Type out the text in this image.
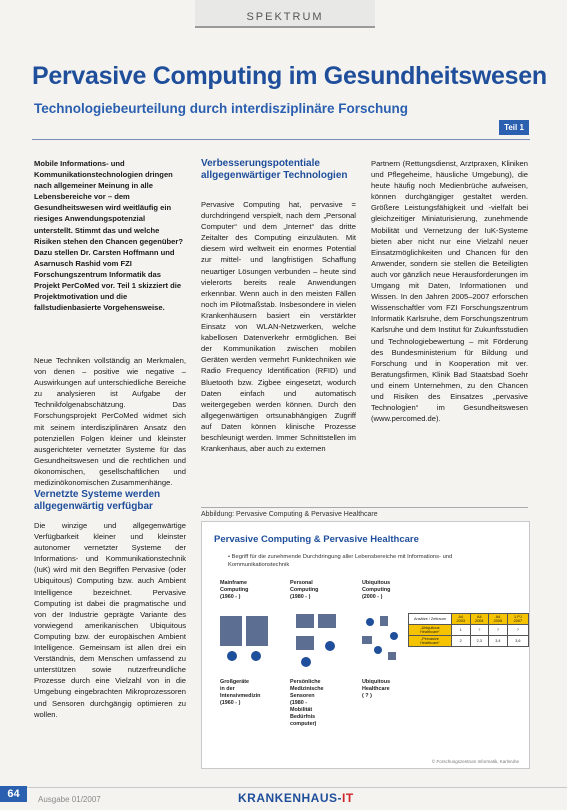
SPEKTRUM
Pervasive Computing im Gesundheitswesen
Technologiebeurteilung durch interdisziplinäre Forschung
Teil 1
Mobile Informations- und Kommunikationstechnologien dringen nach allgemeiner Meinung in alle Lebensbereiche vor – dem Gesundheitswesen wird weitläufig ein riesiges Anwendungspotenzial unterstellt. Stimmt das und welche Risiken stehen den Chancen gegenüber? Dazu stellen Dr. Carsten Hoffmann und Asarnusch Rashid vom FZI Forschungszentrum Informatik das Projekt PerCoMed vor. Teil 1 skizziert die Projektmotivation und die fallstudienbasierte Vorgehensweise.
Neue Techniken vollständig an Merkmalen, von denen – positive wie negative – Auswirkungen auf unterschiedliche Bereiche zu analysieren ist Aufgabe der Technikfolgenabschätzung. Das Forschungsprojekt PerCoMed widmet sich mit seinem interdisziplinären Ansatz den potenziellen Folgen kleiner und kleinster ausgerichteter vernetzter Systeme für das Gesundheitswesen und die rechtlichen und ökonomischen, gesellschaftlichen und medizinökonomischen Zusammenhänge.
Vernetzte Systeme werden allgegenwärtig verfügbar
Die winzige und allgegenwärtige Verfügbarkeit kleiner und kleinster autonomer vernetzter Systeme der Informations- und Kommunikationstechnik (IuK) wird mit den Begriffen Pervasive (oder Ubiquitous) Computing bzw. auch Ambient Intelligence bezeichnet. Pervasive Computing ist dabei die pragmatische und von der Industrie geprägte Variante des vorwiegend amerikanischen Ubiquitous Computing bzw. der europäischen Ambient Intelligence. Gemeinsam ist allen drei ein Verständnis, dem Menschen umfassend zu unterstützen sowie nutzerfreundliche Prozesse durch eine Vielzahl von in die Umgebung eingebrachten Mikroprozessoren und Sensoren durchgängig optimieren zu wollen.
Verbesserungspotentiale allgegenwärtiger Technologien
Pervasive Computing hat, pervasive = durchdringend verspielt, nach dem „Personal Computer“ und dem „Internet“ das dritte Zeitalter des Computing einzuläuten. Mit diesem wird weltweit ein enormes Potential zur mittel- und langfristigen Schaffung neuartiger Lösungen verbunden – heute sind vielerorts bereits reale Anwendungen erkennbar. Wenn auch in den meisten Fällen noch im Pilotmaßstab. Insbesondere in vielen Krankenhäusern basiert ein verstärkter Einsatz von WLAN-Netzwerken, welche kabellosen Datenverkehr ermöglichen. Bei der Kommunikation zwischen mobilen Geräten werden vermehrt Funktechniken wie Radio Frequency Identification (RFID) und Bluetooth bzw. Zigbee eingesetzt, wodurch Daten einfach und automatisch weitergegeben werden können. Durch den allgegenwärtigen ortsunabhängigen Zugriff auf Daten können klinische Prozesse beschleunigt werden. Immer Schnittstellen im Krankenhaus, aber auch zu externen
Partnern (Rettungsdienst, Arztpraxen, Kliniken und Pflegeheime, häusliche Umgebung), die heute häufig noch Medienbrüche aufweisen, können durchgängiger gestaltet werden. Größere Leistungsfähigkeit und -vielfalt bei gleichzeitiger Miniaturisierung, zunehmende Mobilität und Vernetzung der IuK-Systeme bieten aber nicht nur eine Vielzahl neuer Einsatzmöglichkeiten und Chancen für den Anwender, sondern sie stellen die Beteiligten auch vor gänzlich neue Herausforderungen im Umgang mit Daten, Informationen und Wissen. In den Jahren 2005–2007 erforschen Wissenschaftler vom FZI Forschungszentrum Informatik Karlsruhe, dem Forschungszentrum Karlsruhe und dem Institut für Zukunftsstudien und Technologiebewertung – mit Förderung des Bundesministerium für Bildung und Forschung und in Kooperation mit ver. Beratungsfirmen, Klinik Bad Staatsbad Soehr und einem Unternehmen, zu den Chancen und Risiken des Einsatzes „pervasive Technologien“ im Gesundheitswesen (www.percomed.de).
Abbildung: Pervasive Computing & Pervasive Healthcare
Pervasive Computing & Pervasive Healthcare
• Begriff für die zunehmende Durchdringung aller Lebensbereiche mit Informations- und Kommunikationstechnik
Mainframe
Computing
(1960 - )
Personal
Computing
(1980 - )
Ubiquitous
Computing
(2000 - )
Ansätze / Zeitraum	A4 2003	A4 2004	A4 2005	1 PJ 2007
„Ubiquitous Healthcare“	1	?	?	?
„Pervasive Healthcare“	2	2,3	3,4	3,6
Großgeräte
in der
Intensivmedizin
(1960 - )
Persönliche
Medizinische
Sensoren
(1980 -
Mobilität
Bedürfnis
computer)
Ubiquitous
Healthcare
( ? )
© Forschungszentrum Informatik, Karlsruhe
64	Ausgabe 01/2007	KRANKENHAUS-IT
